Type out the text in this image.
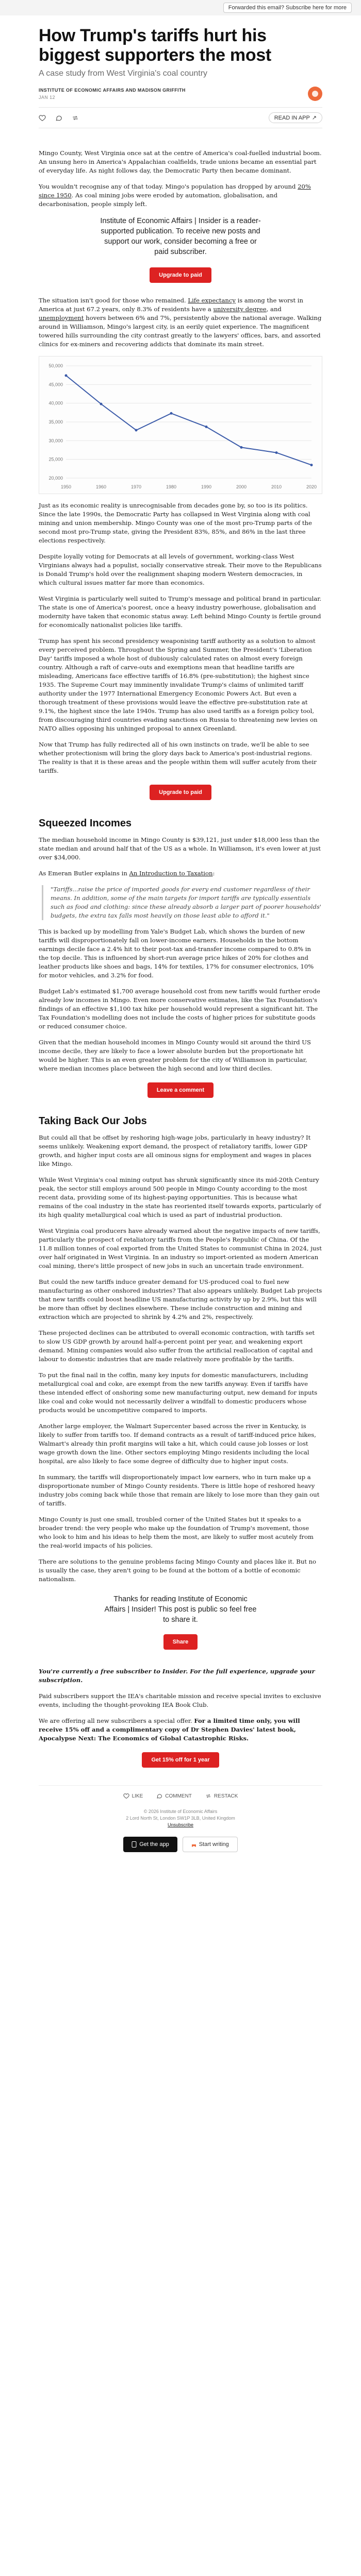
Forwarded this email? Subscribe here for more
How Trump's tariffs hurt his biggest supporters the most
A case study from West Virginia's coal country
INSTITUTE OF ECONOMIC AFFAIRS AND MADISON GRIFFITH
JAN 12
READ IN APP ↗

Mingo County, West Virginia once sat at the centre of America's coal-fuelled industrial boom. An unsung hero in America's Appalachian coalfields, trade unions became an essential part of everyday life. As night follows day, the Democratic Party then became dominant.

You wouldn't recognise any of that today. Mingo's population has dropped by around 20% since 1950. As coal mining jobs were eroded by automation, globalisation, and decarbonisation, people simply left.

Institute of Economic Affairs | Insider is a reader-supported publication. To receive new posts and support our work, consider becoming a free or paid subscriber.
Upgrade to paid

The situation isn't good for those who remained. Life expectancy is among the worst in America at just 67.2 years, only 8.3% of residents have a university degree, and unemployment hovers between 6% and 7%, persistently above the national average. Walking around in Williamson, Mingo's largest city, is an eerily quiet experience. The magnificent towered hills surrounding the city contrast greatly to the lawyers' offices, bars, and assorted clinics for ex-miners and recovering addicts that dominate its main street.

20,000
25,000
30,000
35,000
40,000
45,000
50,000
1950	1960	1970	1980	1990	2000	2010	2020

Just as its economic reality is unrecognisable from decades gone by, so too is its politics. Since the late 1990s, the Democratic Party has collapsed in West Virginia along with coal mining and union membership. Mingo County was one of the most pro-Trump parts of the second most pro-Trump state, giving the President 83%, 85%, and 86% in the last three elections respectively.

Despite loyally voting for Democrats at all levels of government, working-class West Virginians always had a populist, socially conservative streak. Their move to the Republicans is Donald Trump's hold over the realignment shaping modern Western democracies, in which cultural issues matter far more than economics.

West Virginia is particularly well suited to Trump's message and political brand in particular. The state is one of America's poorest, once a heavy industry powerhouse, globalisation and modernity have taken that economic status away. Left behind Mingo County is fertile ground for economically nationalist policies like tariffs.

Trump has spent his second presidency weaponising tariff authority as a solution to almost every perceived problem. Throughout the Spring and Summer, the President's 'Liberation Day' tariffs imposed a whole host of dubiously calculated rates on almost every foreign country. Although a raft of carve-outs and exemptions mean that headline tariffs are misleading, Americans face effective tariffs of 16.8% (pre-substitution); the highest since 1935. The Supreme Court may imminently invalidate Trump's claims of unlimited tariff authority under the 1977 International Emergency Economic Powers Act. But even a thorough treatment of these provisions would leave the effective pre-substitution rate at 9.1%, the highest since the late 1940s. Trump has also used tariffs as a foreign policy tool, from discouraging third countries evading sanctions on Russia to threatening new levies on NATO allies opposing his unhinged proposal to annex Greenland.

Now that Trump has fully redirected all of his own instincts on trade, we'll be able to see whether protectionism will bring the glory days back to America's post-industrial regions. The reality is that it is these areas and the people within them will suffer acutely from their tariffs.

Upgrade to paid
Squeezed Incomes

The median household income in Mingo County is $39,121, just under $18,000 less than the state median and around half that of the US as a whole. In Williamson, it's even lower at just over $34,000.

As Emeran Butler explains in An Introduction to Taxation:

"Tariffs...raise the price of imported goods for every end customer regardless of their means. In addition, some of the main targets for import tariffs are typically essentials such as food and clothing: since these already absorb a larger part of poorer households' budgets, the extra tax falls most heavily on those least able to afford it."

This is backed up by modelling from Yale's Budget Lab, which shows the burden of new tariffs will disproportionately fall on lower-income earners. Households in the bottom earnings decile face a 2.4% hit to their post-tax and-transfer income compared to 0.8% in the top decile. This is influenced by short-run average price hikes of 20% for clothes and leather products like shoes and bags, 14% for textiles, 17% for consumer electronics, 10% for motor vehicles, and 3.2% for food.

Budget Lab's estimated $1,700 average household cost from new tariffs would further erode already low incomes in Mingo. Even more conservative estimates, like the Tax Foundation's findings of an effective $1,100 tax hike per household would represent a significant hit. The Tax Foundation's modelling does not include the costs of higher prices for substitute goods or reduced consumer choice.

Given that the median household incomes in Mingo County would sit around the third US income decile, they are likely to face a lower absolute burden but the proportionate hit would be higher. This is an even greater problem for the city of Williamson in particular, where median incomes place between the high second and low third deciles.

Leave a comment
Taking Back Our Jobs

But could all that be offset by reshoring high-wage jobs, particularly in heavy industry? It seems unlikely. Weakening export demand, the prospect of retaliatory tariffs, lower GDP growth, and higher input costs are all ominous signs for employment and wages in places like Mingo.

While West Virginia's coal mining output has shrunk significantly since its mid-20th Century peak, the sector still employs around 500 people in Mingo County according to the most recent data, providing some of its highest-paying opportunities. This is because what remains of the coal industry in the state has reoriented itself towards exports, particularly of its high quality metallurgical coal which is used as part of industrial production.

West Virginia coal producers have already warned about the negative impacts of new tariffs, particularly the prospect of retaliatory tariffs from the People's Republic of China. Of the 11.8 million tonnes of coal exported from the United States to communist China in 2024, just over half originated in West Virginia. In an industry so import-oriented as modern American coal mining, there's little prospect of new jobs in such an uncertain trade environment.

But could the new tariffs induce greater demand for US-produced coal to fuel new manufacturing as other onshored industries? That also appears unlikely. Budget Lab projects that new tariffs could boost headline US manufacturing activity by up by 2.9%, but this will be more than offset by declines elsewhere. These include construction and mining and extraction which are projected to shrink by 4.2% and 2%, respectively.

These projected declines can be attributed to overall economic contraction, with tariffs set to slow US GDP growth by around half-a-percent point per year, and weakening export demand. Mining companies would also suffer from the artificial reallocation of capital and labour to domestic industries that are made relatively more profitable by the tariffs.

To put the final nail in the coffin, many key inputs for domestic manufacturers, including metallurgical coal and coke, are exempt from the new tariffs anyway. Even if tariffs have these intended effect of onshoring some new manufacturing output, new demand for inputs like coal and coke would not necessarily deliver a windfall to domestic producers whose products would be uncompetitive compared to imports.

Another large employer, the Walmart Supercenter based across the river in Kentucky, is likely to suffer from tariffs too. If demand contracts as a result of tariff-induced price hikes, Walmart's already thin profit margins will take a hit, which could cause job losses or lost wage growth down the line. Other sectors employing Mingo residents including the local hospital, are also likely to face some degree of difficulty due to higher input costs.

In summary, the tariffs will disproportionately impact low earners, who in turn make up a disproportionate number of Mingo County residents. There is little hope of reshored heavy industry jobs coming back while those that remain are likely to lose more than they gain out of tariffs.

Mingo County is just one small, troubled corner of the United States but it speaks to a broader trend: the very people who make up the foundation of Trump's movement, those who look to him and his ideas to help them the most, are likely to suffer most acutely from the real-world impacts of his policies.

There are solutions to the genuine problems facing Mingo County and places like it. But no is usually the case, they aren't going to be found at the bottom of a bottle of economic nationalism.

Thanks for reading Institute of Economic Affairs | Insider! This post is public so feel free to share it.
Share

You're currently a free subscriber to Insider. For the full experience, upgrade your subscription.

Paid subscribers support the IEA's charitable mission and receive special invites to exclusive events, including the thought-provoking IEA Book Club.

We are offering all new subscribers a special offer. For a limited time only, you will receive 15% off and a complimentary copy of Dr Stephen Davies' latest book, Apocalypse Next: The Economics of Global Catastrophic Risks.

Get 15% off for 1 year
LIKE	COMMENT	RESTACK
© 2026 Institute of Economic Affairs
2 Lord North St, London SW1P 3LB, United Kingdom
Unsubscribe
Get the app	Start writing
